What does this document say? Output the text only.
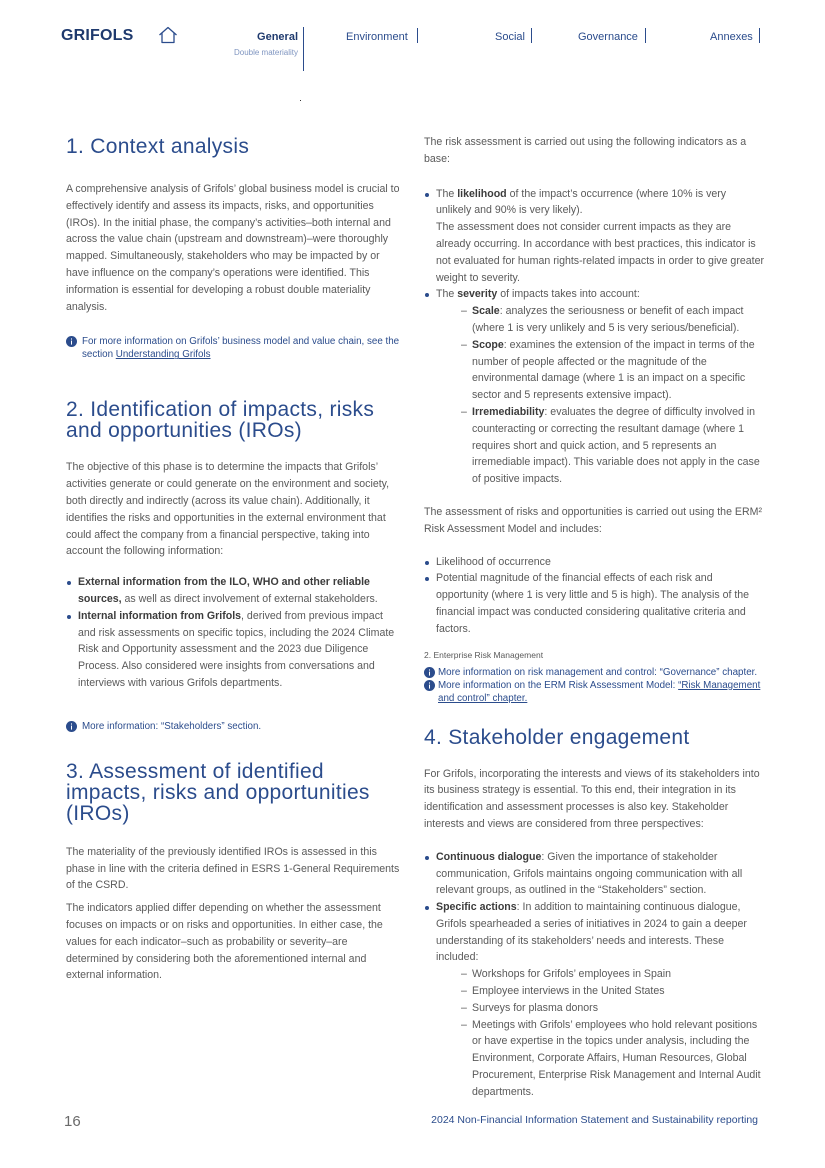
GRIFOLS	General
Double materiality
Environment	Social	Governance	Annexes
1. Context analysis

A comprehensive analysis of Grifols’ global business model is crucial to effectively identify and assess its impacts, risks, and opportunities (IROs). In the initial phase, the company’s activities–both internal and across the value chain (upstream and downstream)–were thoroughly mapped. Simultaneously, stakeholders who may be impacted by or have influence on the company’s operations were identified. This information is essential for developing a robust double materiality analysis.

For more information on Grifols’ business model and value chain, see the section Understanding Grifols
2. Identification of impacts, risks
and opportunities (IROs)

The objective of this phase is to determine the impacts that Grifols’ activities generate or could generate on the environment and society, both directly and indirectly (across its value chain). Additionally, it identifies the risks and opportunities in the external environment that could affect the company from a financial perspective, taking into account the following information:

External information from the ILO, WHO and other reliable sources, as well as direct involvement of external stakeholders.
Internal information from Grifols, derived from previous impact and risk assessments on specific topics, including the 2024 Climate Risk and Opportunity assessment and the 2023 due Diligence Process. Also considered were insights from conversations and interviews with various Grifols departments.
More information: “Stakeholders” section.
3. Assessment of identified
impacts, risks and opportunities
(IROs)

The materiality of the previously identified IROs is assessed in this phase in line with the criteria defined in ESRS 1-General Requirements of the CSRD.

The indicators applied differ depending on whether the assessment focuses on impacts or on risks and opportunities. In either case, the values for each indicator–such as probability or severity–are determined by considering both the aforementioned internal and external information.

The risk assessment is carried out using the following indicators as a base:

The likelihood of the impact’s occurrence (where 10% is very unlikely and 90% is very likely).
The assessment does not consider current impacts as they are already occurring. In accordance with best practices, this indicator is not evaluated for human rights-related impacts in order to give greater weight to severity.
The severity of impacts takes into account:
– Scale: analyzes the seriousness or benefit of each impact (where 1 is very unlikely and 5 is very serious/beneficial).
– Scope: examines the extension of the impact in terms of the number of people affected or the magnitude of the environmental damage (where 1 is an impact on a specific sector and 5 represents extensive impact).
– Irremediability: evaluates the degree of difficulty involved in counteracting or correcting the resultant damage (where 1 requires short and quick action, and 5 represents an irremediable impact). This variable does not apply in the case of positive impacts.

The assessment of risks and opportunities is carried out using the ERM² Risk Assessment Model and includes:

Likelihood of occurrence
Potential magnitude of the financial effects of each risk and opportunity (where 1 is very little and 5 is high). The analysis of the financial impact was conducted considering qualitative criteria and factors.
2. Enterprise Risk Management
More information on risk management and control: “Governance” chapter.
More information on the ERM Risk Assessment Model: “Risk Management and control” chapter.
4. Stakeholder engagement

For Grifols, incorporating the interests and views of its stakeholders into its business strategy is essential. To this end, their integration in its identification and assessment processes is also key. Stakeholder interests and views are considered from three perspectives:

Continuous dialogue: Given the importance of stakeholder communication, Grifols maintains ongoing communication with all relevant groups, as outlined in the “Stakeholders” section.
Specific actions: In addition to maintaining continuous dialogue, Grifols spearheaded a series of initiatives in 2024 to gain a deeper understanding of its stakeholders’ needs and interests. These included:
– Workshops for Grifols’ employees in Spain
– Employee interviews in the United States
– Surveys for plasma donors
– Meetings with Grifols’ employees who hold relevant positions or have expertise in the topics under analysis, including the Environment, Corporate Affairs, Human Resources, Global Procurement, Enterprise Risk Management and Internal Audit departments.
16	2024 Non-Financial Information Statement and Sustainability reporting
